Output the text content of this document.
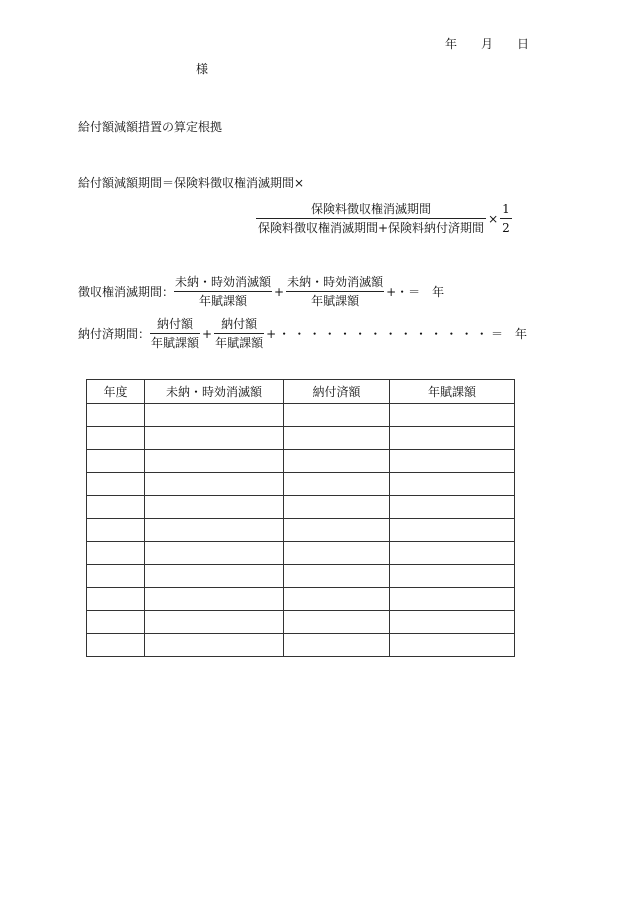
年 月 日
様
給付額減額措置の算定根拠
給付額減額期間＝保険料徴収権消滅期間×
$\frac{\text{保険料徴収権消滅期間}}{\text{保険料徴収権消滅期間+保険料納付済期間}} \times \frac{1}{2}$
徴収権消滅期間： $\frac{\text{未納・時効消滅額}}{\text{年賦課額}} + \frac{\text{未納・時効消滅額}}{\text{年賦課額}}$ +・＝　年
納付済期間： $\frac{\text{納付額}}{\text{年賦課額}} + \frac{\text{納付額}}{\text{年賦課額}}$ + ・・・・・・・・・・・・・・ ＝　年
年度	未納・時効消滅額	納付済額	年賦課額
